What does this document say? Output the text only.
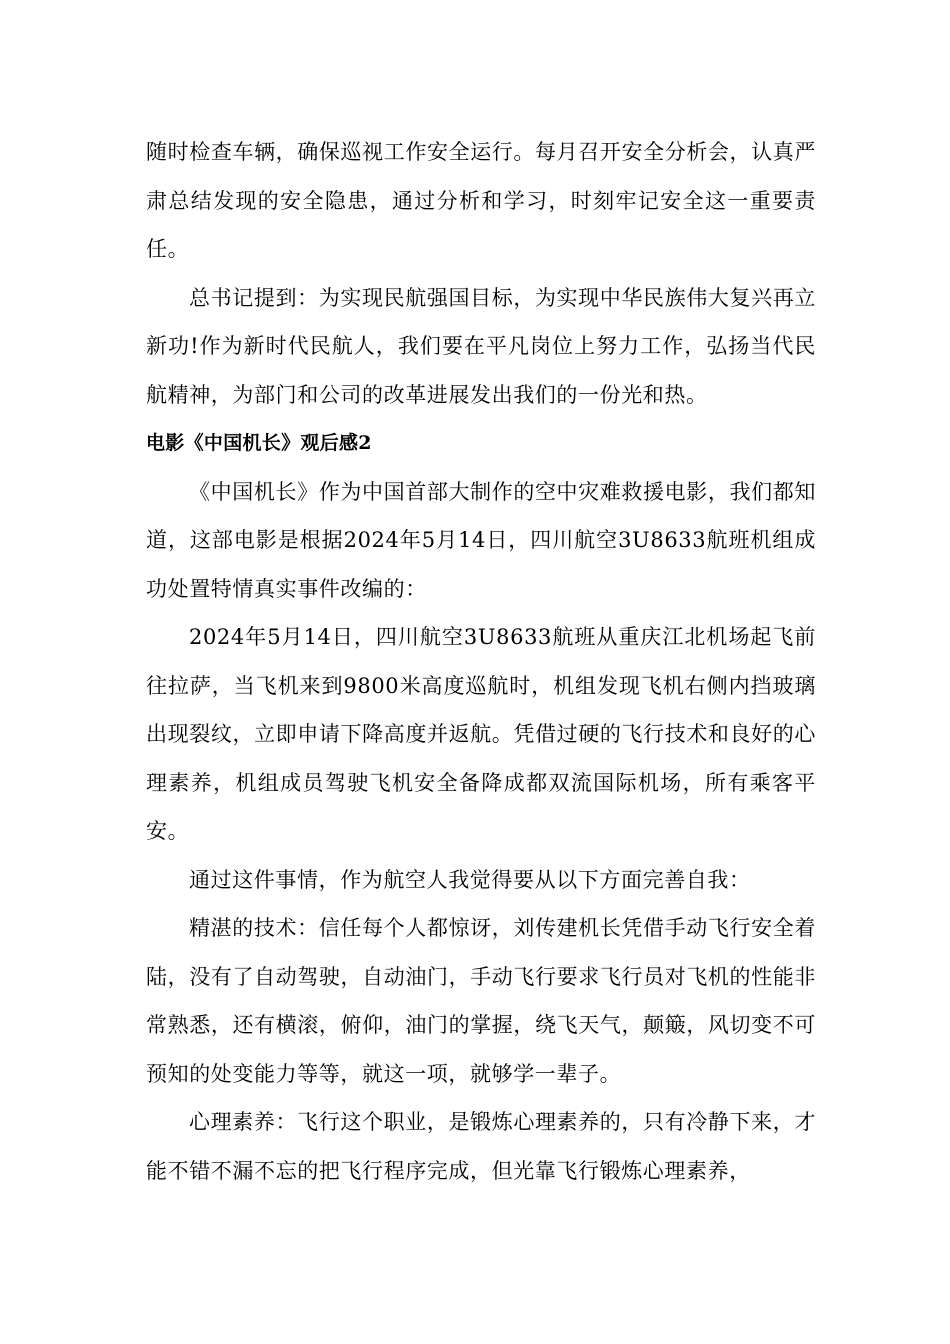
随时检查车辆，确保巡视工作安全运行。每月召开安全分析会，认真严肃总结发现的安全隐患，通过分析和学习，时刻牢记安全这一重要责任。

总书记提到：为实现民航强国目标，为实现中华民族伟大复兴再立新功!作为新时代民航人，我们要在平凡岗位上努力工作，弘扬当代民航精神，为部门和公司的改革进展发出我们的一份光和热。

电影《中国机长》观后感2

《中国机长》作为中国首部大制作的空中灾难救援电影，我们都知道，这部电影是根据2024年5月14日，四川航空3U8633航班机组成功处置特情真实事件改编的：

2024年5月14日，四川航空3U8633航班从重庆江北机场起飞前往拉萨，当飞机来到9800米高度巡航时，机组发现飞机右侧内挡玻璃出现裂纹，立即申请下降高度并返航。凭借过硬的飞行技术和良好的心理素养，机组成员驾驶飞机安全备降成都双流国际机场，所有乘客平安。

通过这件事情，作为航空人我觉得要从以下方面完善自我：

精湛的技术：信任每个人都惊讶，刘传建机长凭借手动飞行安全着陆，没有了自动驾驶，自动油门，手动飞行要求飞行员对飞机的性能非常熟悉，还有横滚，俯仰，油门的掌握，绕飞天气，颠簸，风切变不可预知的处变能力等等，就这一项，就够学一辈子。

心理素养：飞行这个职业，是锻炼心理素养的，只有冷静下来，才能不错不漏不忘的把飞行程序完成，但光靠飞行锻炼心理素养，
